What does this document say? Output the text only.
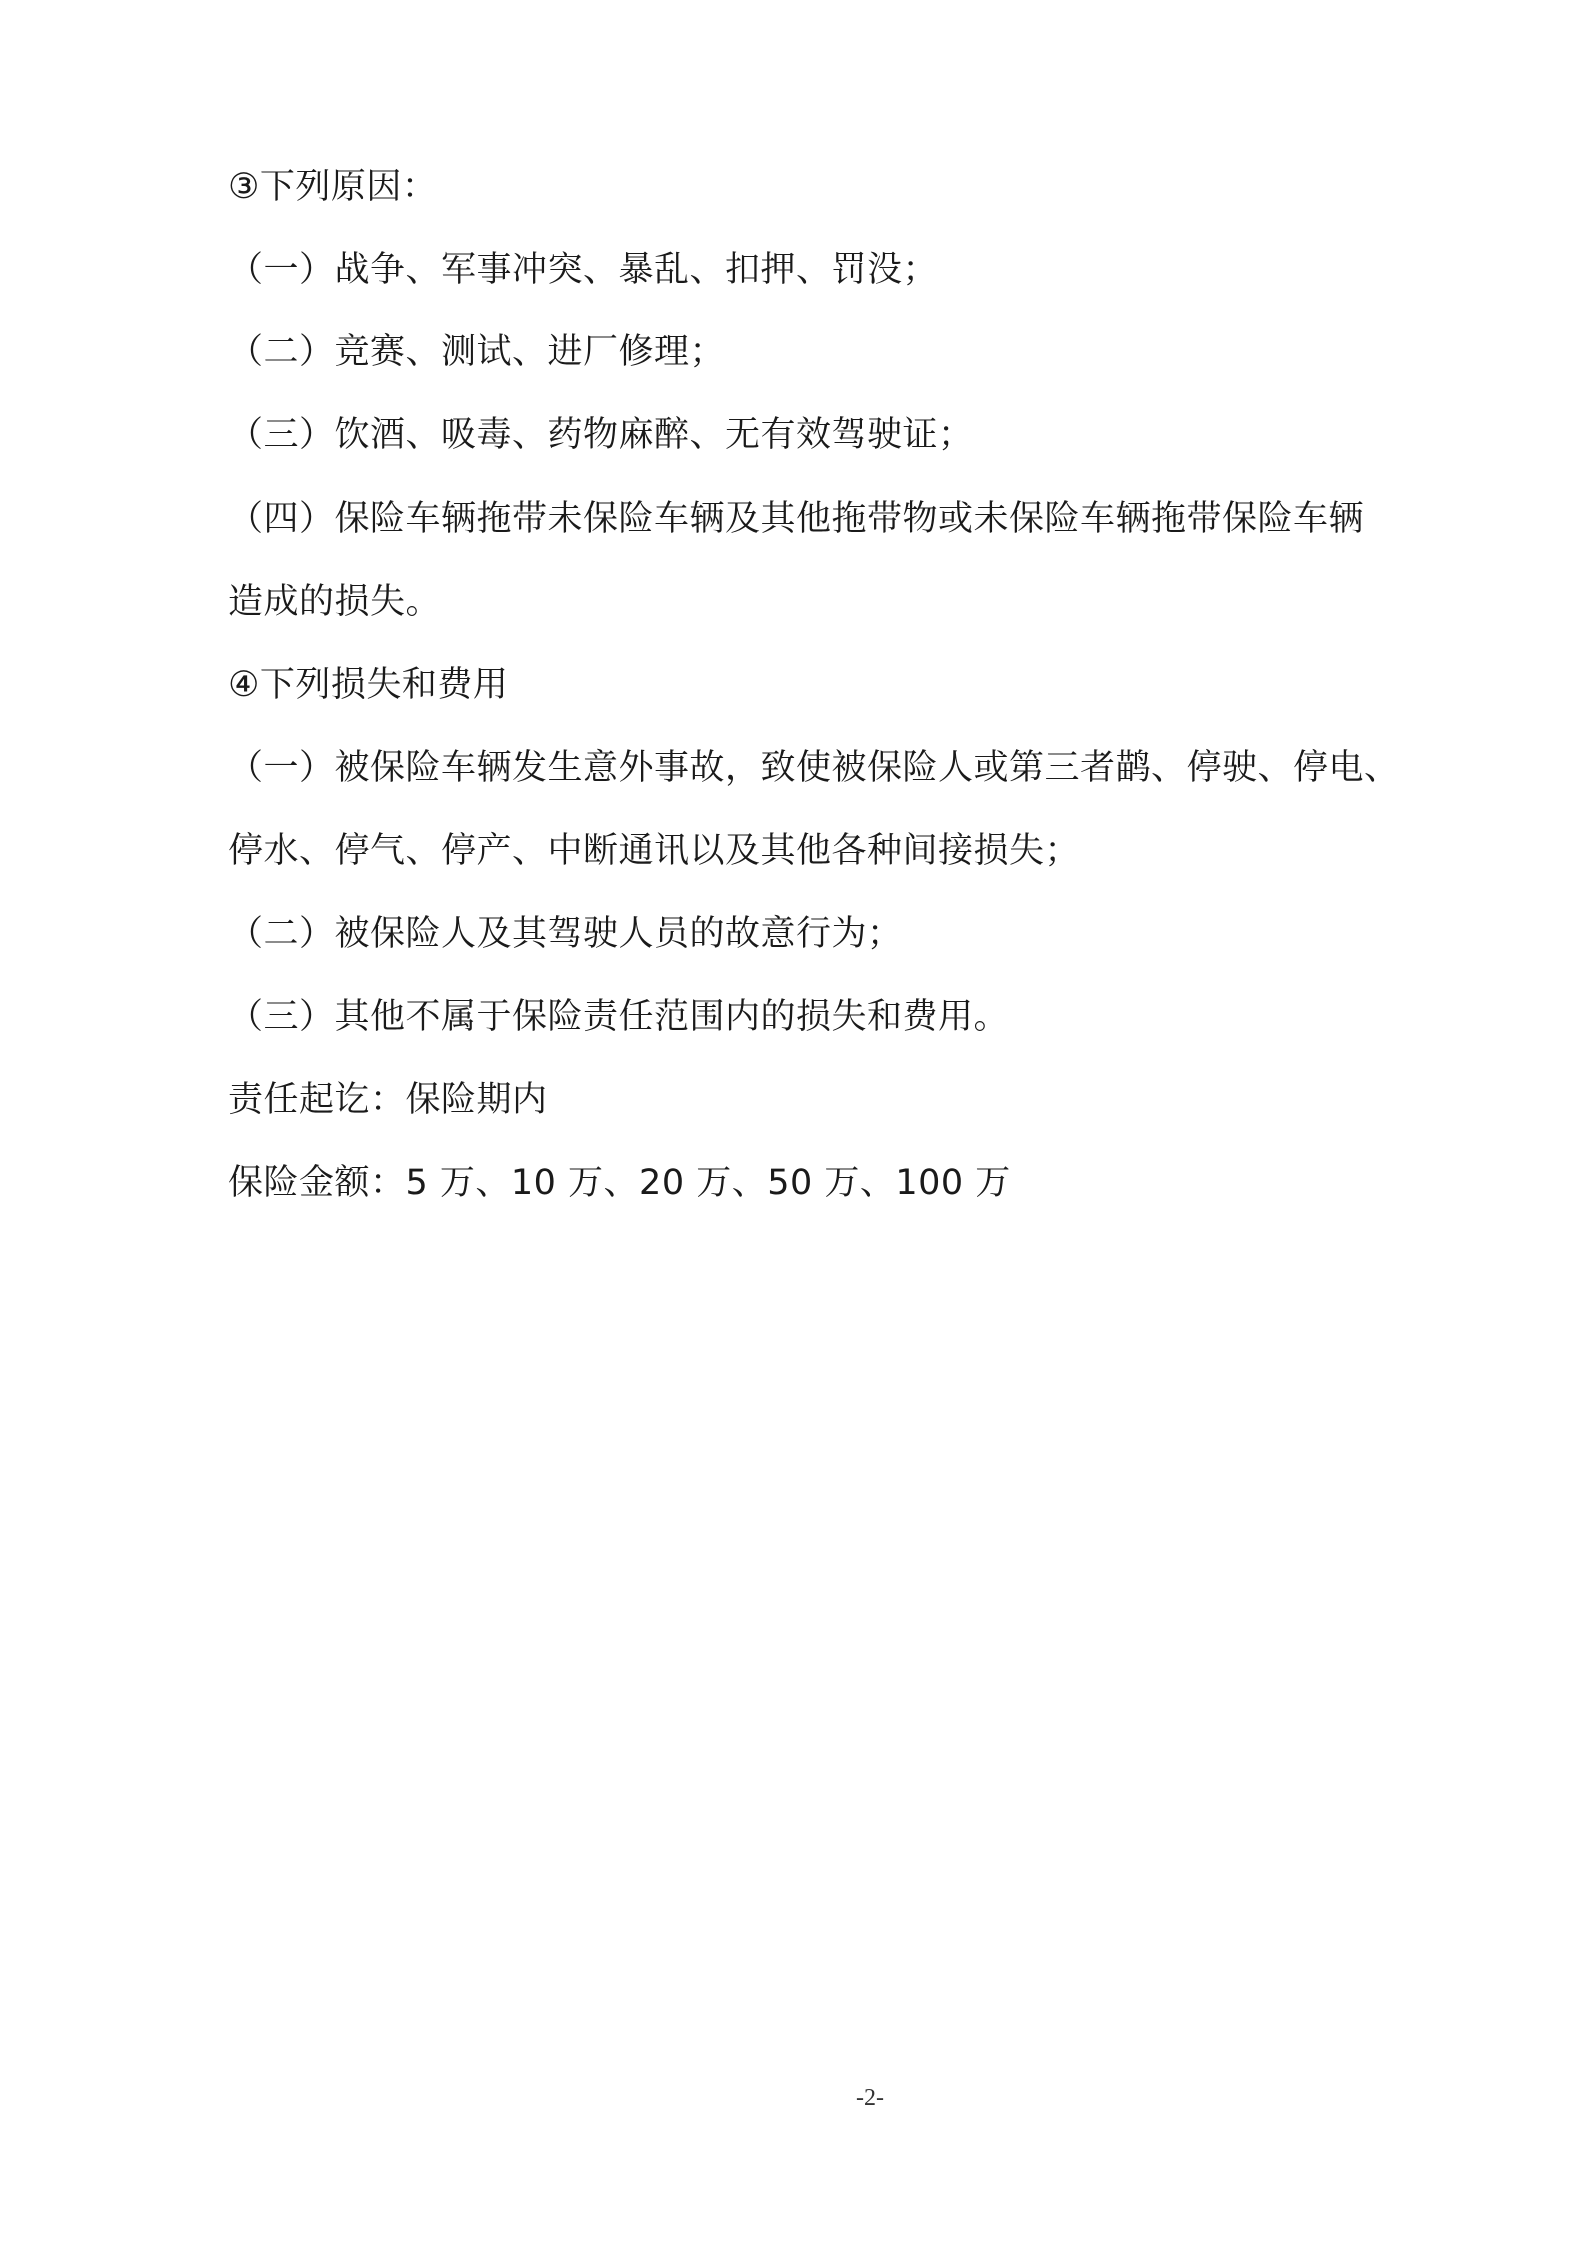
③下列原因：
（一）战争、军事冲突、暴乱、扣押、罚没；
（二）竞赛、测试、进厂修理；
（三）饮酒、吸毒、药物麻醉、无有效驾驶证；
（四）保险车辆拖带未保险车辆及其他拖带物或未保险车辆拖带保险车辆
造成的损失。
④下列损失和费用
（一）被保险车辆发生意外事故，致使被保险人或第三者鹋、停驶、停电、
停水、停气、停产、中断通讯以及其他各种间接损失；
（二）被保险人及其驾驶人员的故意行为；
（三）其他不属于保险责任范围内的损失和费用。
责任起讫：保险期内
保险金额：5 万、10 万、20 万、50 万、100 万
-2-
